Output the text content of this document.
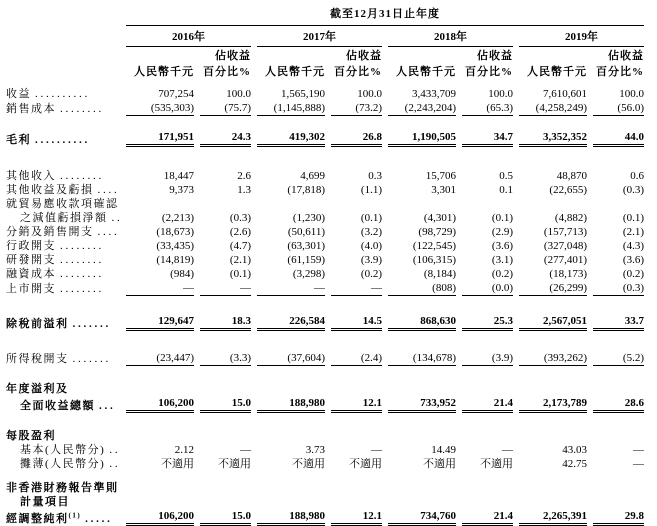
	截至12月31日止年度							
	2016年		2017年		2018年		2019年	
		佔收益		佔收益		佔收益		佔收益
	人民幣千元	百分比%	人民幣千元	百分比%	人民幣千元	百分比%	人民幣千元	百分比%

收益 . . . . . . . . . .	707,254	100.0	1,565,190	100.0	3,433,709	100.0	7,610,601	100.0
銷售成本 . . . . . . . .	(535,303)	(75.7)	(1,145,888)	(73.2)	(2,243,204)	(65.3)	(4,258,249)	(56.0)

毛利 . . . . . . . . . .	171,951	24.3	419,302	26.8	1,190,505	34.7	3,352,352	44.0

其他收入 . . . . . . . .	18,447	2.6	4,699	0.3	15,706	0.5	48,870	0.6
其他收益及虧損 . . . .	9,373	1.3	(17,818)	(1.1)	3,301	0.1	(22,655)	(0.3)
就貿易應收款項確認								
之減值虧損淨額 . .	(2,213)	(0.3)	(1,230)	(0.1)	(4,301)	(0.1)	(4,882)	(0.1)
分銷及銷售開支 . . . .	(18,673)	(2.6)	(50,611)	(3.2)	(98,729)	(2.9)	(157,713)	(2.1)
行政開支 . . . . . . . .	(33,435)	(4.7)	(63,301)	(4.0)	(122,545)	(3.6)	(327,048)	(4.3)
研發開支 . . . . . . . .	(14,819)	(2.1)	(61,159)	(3.9)	(106,315)	(3.1)	(277,401)	(3.6)
融資成本 . . . . . . . .	(984)	(0.1)	(3,298)	(0.2)	(8,184)	(0.2)	(18,173)	(0.2)
上市開支 . . . . . . . .	—	—	—	—	(808)	(0.0)	(26,299)	(0.3)

除稅前溢利 . . . . . . .	129,647	18.3	226,584	14.5	868,630	25.3	2,567,051	33.7

所得稅開支 . . . . . . .	(23,447)	(3.3)	(37,604)	(2.4)	(134,678)	(3.9)	(393,262)	(5.2)

年度溢利及								
全面收益總額 . . .	106,200	15.0	188,980	12.1	733,952	21.4	2,173,789	28.6

每股盈利								
基本(人民幣分) . .	2.12	—	3.73	—	14.49	—	43.03	—
攤薄(人民幣分) . .	不適用	不適用	不適用	不適用	不適用	不適用	42.75	—

非香港財務報告準則								
計量項目								
經調整純利$^{(1)}$ . . . . .	106,200	15.0	188,980	12.1	734,760	21.4	2,265,391	29.8
